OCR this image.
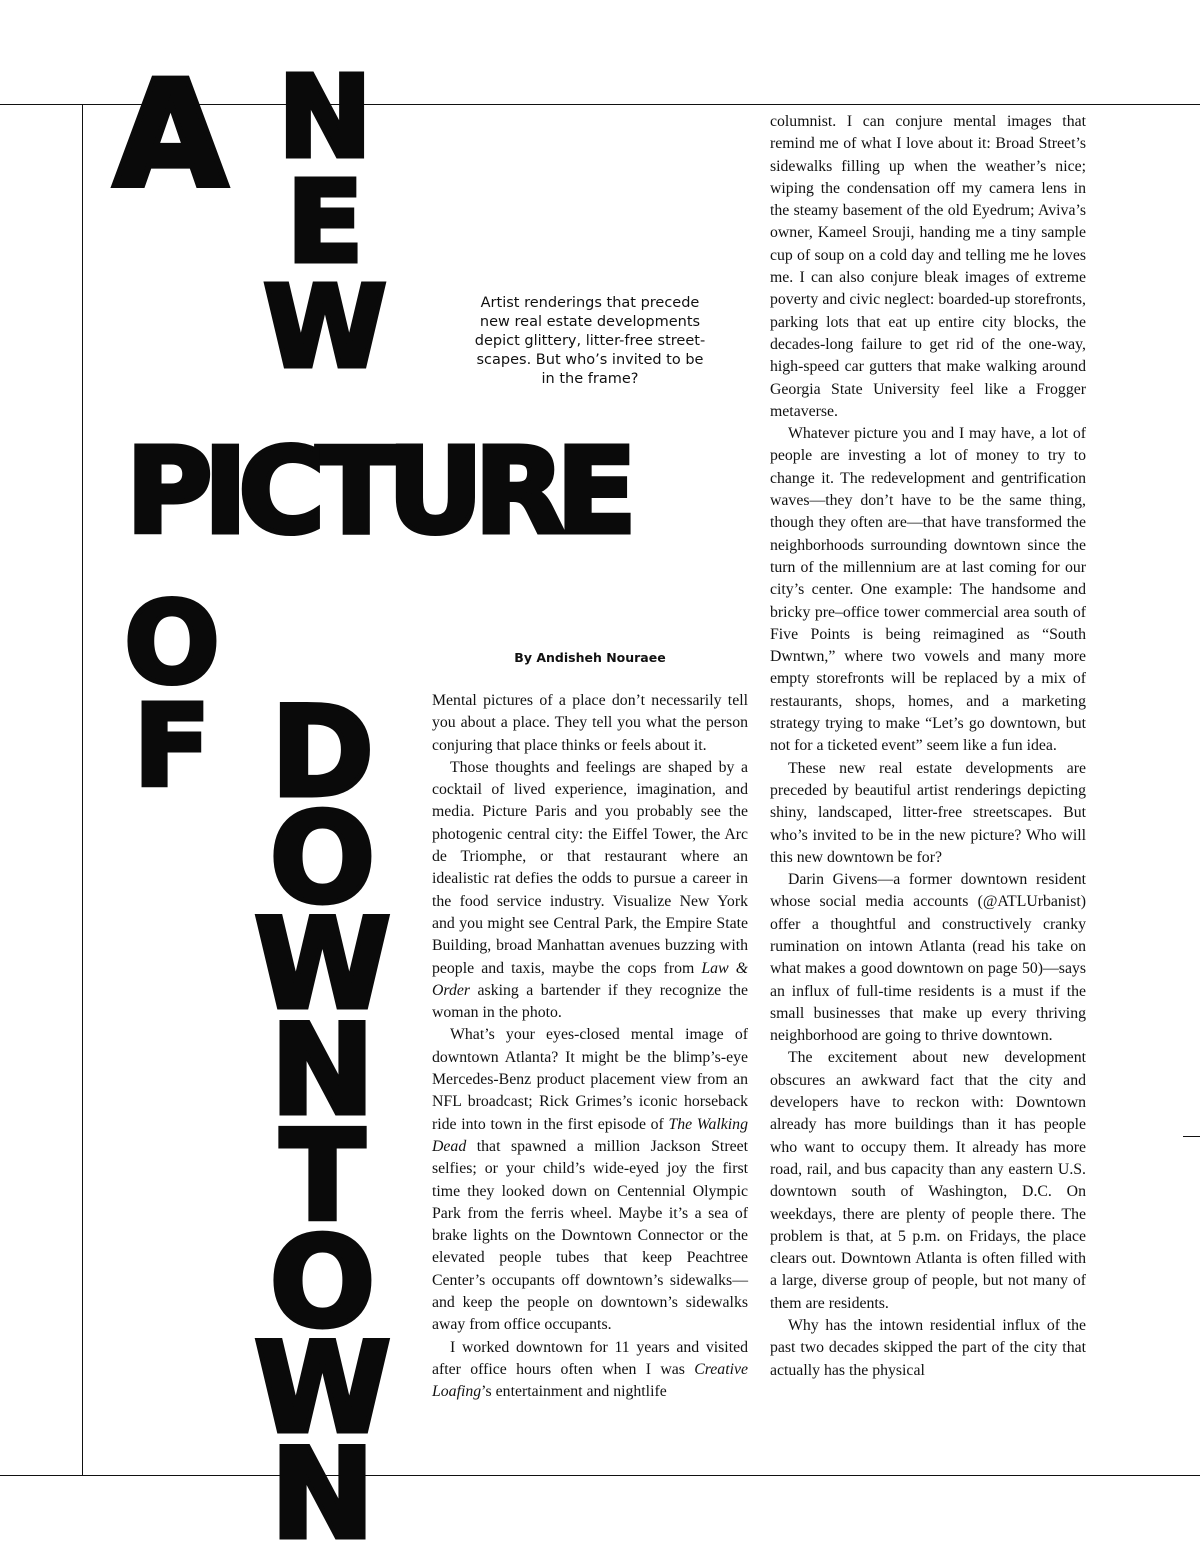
A N
E
W
PICTURE
O
F D
O
W
N
T
O
W
N
Artist renderings that precede new real estate developments depict glittery, litter-free streetscapes. But who’s invited to be in the frame?
By Andisheh Nouraee

Mental pictures of a place don’t necessarily tell you about a place. They tell you what the person conjuring that place thinks or feels about it.

Those thoughts and feelings are shaped by a cocktail of lived experience, imagination, and media. Picture Paris and you probably see the photogenic central city: the Eiffel Tower, the Arc de Triomphe, or that restaurant where an idealistic rat defies the odds to pursue a career in the food service industry. Visualize New York and you might see Central Park, the Empire State Building, broad Manhattan avenues buzzing with people and taxis, maybe the cops from Law & Order asking a bartender if they recognize the woman in the photo.

What’s your eyes-closed mental image of downtown Atlanta? It might be the blimp’s-eye Mercedes-Benz product placement view from an NFL broadcast; Rick Grimes’s iconic horseback ride into town in the first episode of The Walking Dead that spawned a million Jackson Street selfies; or your child’s wide-eyed joy the first time they looked down on Centennial Olympic Park from the ferris wheel. Maybe it’s a sea of brake lights on the Downtown Connector or the elevated people tubes that keep Peachtree Center’s occupants off downtown’s sidewalks—and keep the people on downtown’s sidewalks away from office occupants.

I worked downtown for 11 years and visited after office hours often when I was Creative Loafing’s entertainment and nightlife

columnist. I can conjure mental images that remind me of what I love about it: Broad Street’s sidewalks filling up when the weather’s nice; wiping the condensation off my camera lens in the steamy basement of the old Eyedrum; Aviva’s owner, Kameel Srouji, handing me a tiny sample cup of soup on a cold day and telling me he loves me. I can also conjure bleak images of extreme poverty and civic neglect: boarded-up storefronts, parking lots that eat up entire city blocks, the decades-long failure to get rid of the one-way, high-speed car gutters that make walking around Georgia State University feel like a Frogger metaverse.

Whatever picture you and I may have, a lot of people are investing a lot of money to try to change it. The redevelopment and gentrification waves—they don’t have to be the same thing, though they often are—that have transformed the neighborhoods surrounding downtown since the turn of the millennium are at last coming for our city’s center. One example: The handsome and bricky pre–office tower commercial area south of Five Points is being reimagined as “South Dwntwn,” where two vowels and many more empty storefronts will be replaced by a mix of restaurants, shops, homes, and a marketing strategy trying to make “Let’s go downtown, but not for a ticketed event” seem like a fun idea.

These new real estate developments are preceded by beautiful artist renderings depicting shiny, landscaped, litter-free streetscapes. But who’s invited to be in the new picture? Who will this new downtown be for?

Darin Givens—a former downtown resident whose social media accounts (@ATLUrbanist) offer a thoughtful and constructively cranky rumination on intown Atlanta (read his take on what makes a good downtown on page 50)—says an influx of full-time residents is a must if the small businesses that make up every thriving neighborhood are going to thrive downtown.

The excitement about new development obscures an awkward fact that the city and developers have to reckon with: Downtown already has more buildings than it has people who want to occupy them. It already has more road, rail, and bus capacity than any eastern U.S. downtown south of Washington, D.C. On weekdays, there are plenty of people there. The problem is that, at 5 p.m. on Fridays, the place clears out. Downtown Atlanta is often filled with a large, diverse group of people, but not many of them are residents.

Why has the intown residential influx of the past two decades skipped the part of the city that actually has the physical
